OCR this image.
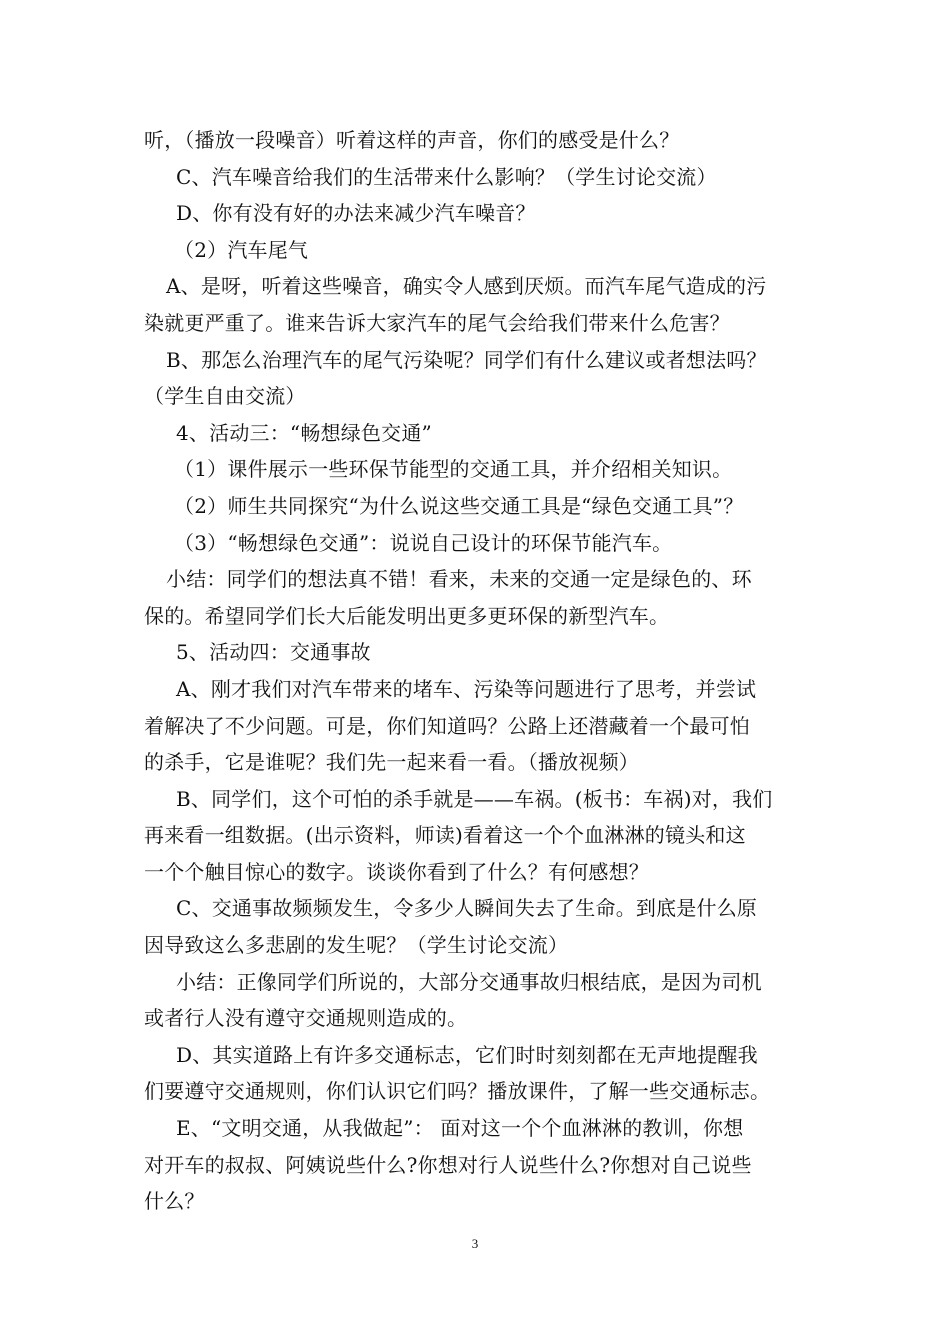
听，（播放一段噪音）听着这样的声音，你们的感受是什么？
C、汽车噪音给我们的生活带来什么影响？（学生讨论交流）
D、你有没有好的办法来减少汽车噪音？
（2）汽车尾气
A、是呀，听着这些噪音，确实令人感到厌烦。而汽车尾气造成的污
染就更严重了。谁来告诉大家汽车的尾气会给我们带来什么危害？
B、那怎么治理汽车的尾气污染呢？同学们有什么建议或者想法吗？
（学生自由交流）
4、活动三：“畅想绿色交通”
（1）课件展示一些环保节能型的交通工具，并介绍相关知识。
（2）师生共同探究“为什么说这些交通工具是“绿色交通工具”？
（3）“畅想绿色交通”：说说自己设计的环保节能汽车。
小结：同学们的想法真不错！看来，未来的交通一定是绿色的、环
保的。希望同学们长大后能发明出更多更环保的新型汽车。
5、活动四：交通事故
A、刚才我们对汽车带来的堵车、污染等问题进行了思考，并尝试
着解决了不少问题。可是，你们知道吗？公路上还潜藏着一个最可怕
的杀手，它是谁呢？我们先一起来看一看。（播放视频）
B、同学们，这个可怕的杀手就是——车祸。(板书：车祸)对，我们
再来看一组数据。(出示资料，师读)看着这一个个血淋淋的镜头和这
一个个触目惊心的数字。谈谈你看到了什么？有何感想？
C、交通事故频频发生，令多少人瞬间失去了生命。到底是什么原
因导致这么多悲剧的发生呢？（学生讨论交流）
小结：正像同学们所说的，大部分交通事故归根结底，是因为司机
或者行人没有遵守交通规则造成的。
D、其实道路上有许多交通标志，它们时时刻刻都在无声地提醒我
们要遵守交通规则，你们认识它们吗？播放课件，了解一些交通标志。
E、“文明交通，从我做起”： 面对这一个个血淋淋的教训，你想
对开车的叔叔、阿姨说些什么?你想对行人说些什么?你想对自己说些
什么？
3
